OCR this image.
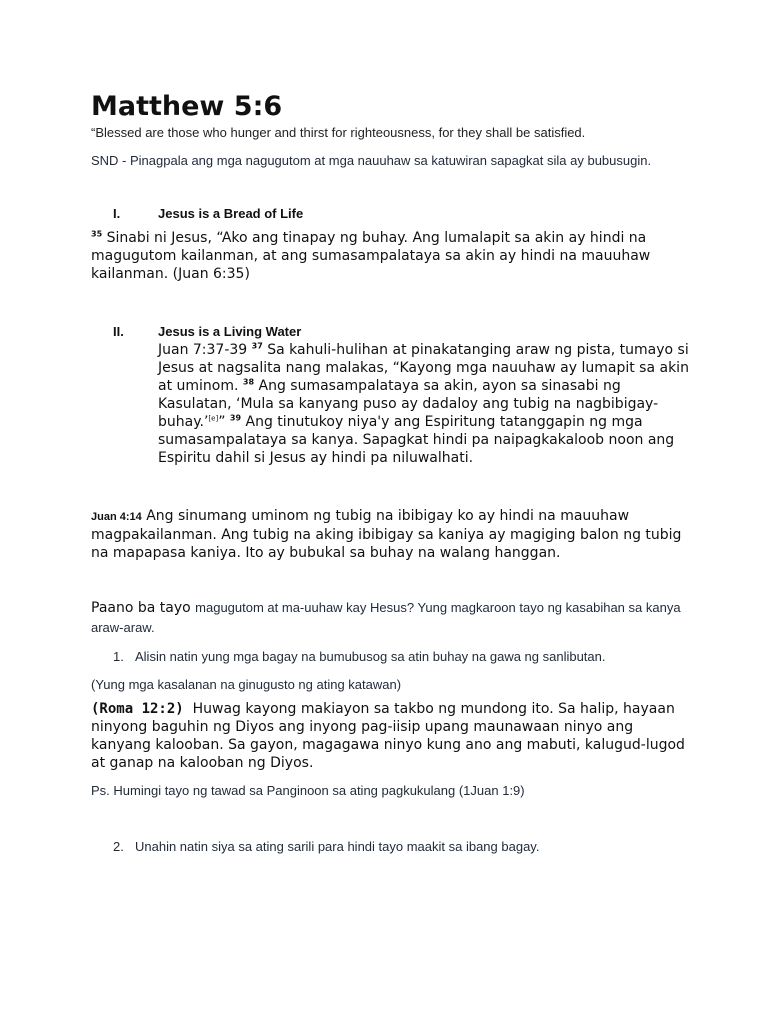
Matthew 5:6

“Blessed are those who hunger and thirst for righteousness, for they shall be satisfied.

SND - Pinagpala ang mga nagugutom at mga nauuhaw sa katuwiran sapagkat sila ay bubusugin.

I.	Jesus is a Bread of Life

$^{35}$ Sinabi ni Jesus, “Ako ang tinapay ng buhay. Ang lumalapit sa akin ay hindi na magugutom kailanman, at ang sumasampalataya sa akin ay hindi na mauuhaw kailanman. (Juan 6:35)

II.	Jesus is a Living Water
Juan 7:37-39 $^{37}$ Sa kahuli-hulihan at pinakatanging araw ng pista, tumayo si Jesus at nagsalita nang malakas, “Kayong mga nauuhaw ay lumapit sa akin at uminom. $^{38}$ Ang sumasampalataya sa akin, ayon sa sinasabi ng Kasulatan, ‘Mula sa kanyang puso ay dadaloy ang tubig na nagbibigay-buhay.’[e]” $^{39}$ Ang tinutukoy niya'y ang Espiritung tatanggapin ng mga sumasampalataya sa kanya. Sapagkat hindi pa naipagkakaloob noon ang Espiritu dahil si Jesus ay hindi pa niluwalhati.

Juan 4:14 Ang sinumang uminom ng tubig na ibibigay ko ay hindi na mauuhaw magpakailanman. Ang tubig na aking ibibigay sa kaniya ay magiging balon ng tubig na mapapasa kaniya. Ito ay bubukal sa buhay na walang hanggan.

Paano ba tayo magugutom at ma-uuhaw kay Hesus? Yung magkaroon tayo ng kasabihan sa kanya araw-araw.

1. Alisin natin yung mga bagay na bumubusog sa atin buhay na gawa ng sanlibutan.

(Yung mga kasalanan na ginugusto ng ating katawan)

(Roma 12:2) Huwag kayong makiayon sa takbo ng mundong ito. Sa halip, hayaan ninyong baguhin ng Diyos ang inyong pag-iisip upang maunawaan ninyo ang kanyang kalooban. Sa gayon, magagawa ninyo kung ano ang mabuti, kalugud-lugod at ganap na kalooban ng Diyos.

Ps. Humingi tayo ng tawad sa Panginoon sa ating pagkukulang (1Juan 1:9)

2. Unahin natin siya sa ating sarili para hindi tayo maakit sa ibang bagay.
